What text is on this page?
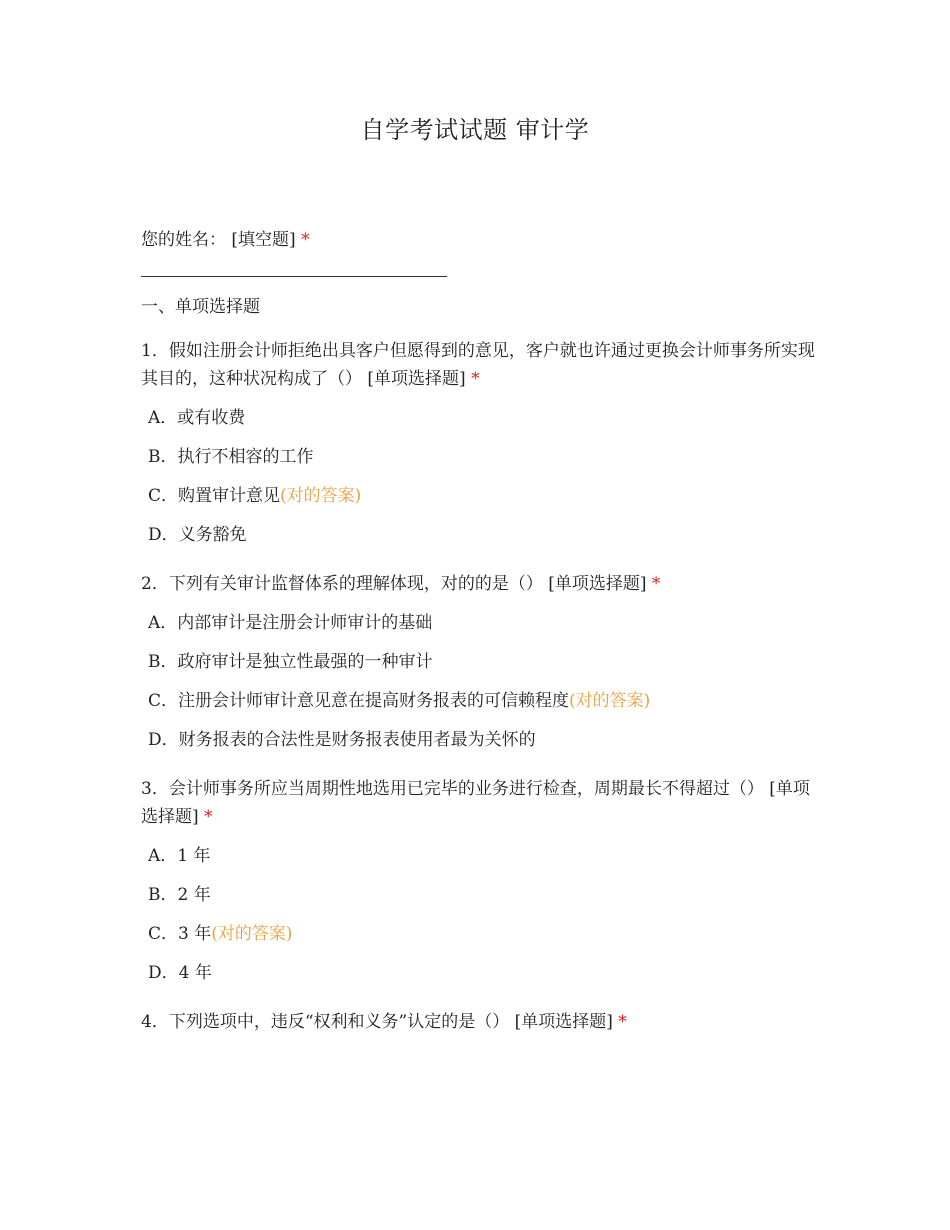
自学考试试题 审计学
您的姓名： [填空题] *
一、单项选择题
1．假如注册会计师拒绝出具客户但愿得到的意见，客户就也许通过更换会计师事务所实现其目的，这种状况构成了（） [单项选择题] *
A．或有收费
B．执行不相容的工作
C．购置审计意见(对的答案)
D．义务豁免
2．下列有关审计监督体系的理解体现，对的的是（） [单项选择题] *
A．内部审计是注册会计师审计的基础
B．政府审计是独立性最强的一种审计
C．注册会计师审计意见意在提高财务报表的可信赖程度(对的答案)
D．财务报表的合法性是财务报表使用者最为关怀的
3．会计师事务所应当周期性地选用已完毕的业务进行检查，周期最长不得超过（） [单项选择题] *
A．1 年
B．2 年
C．3 年(对的答案)
D．4 年
4．下列选项中，违反“权利和义务”认定的是（） [单项选择题] *
